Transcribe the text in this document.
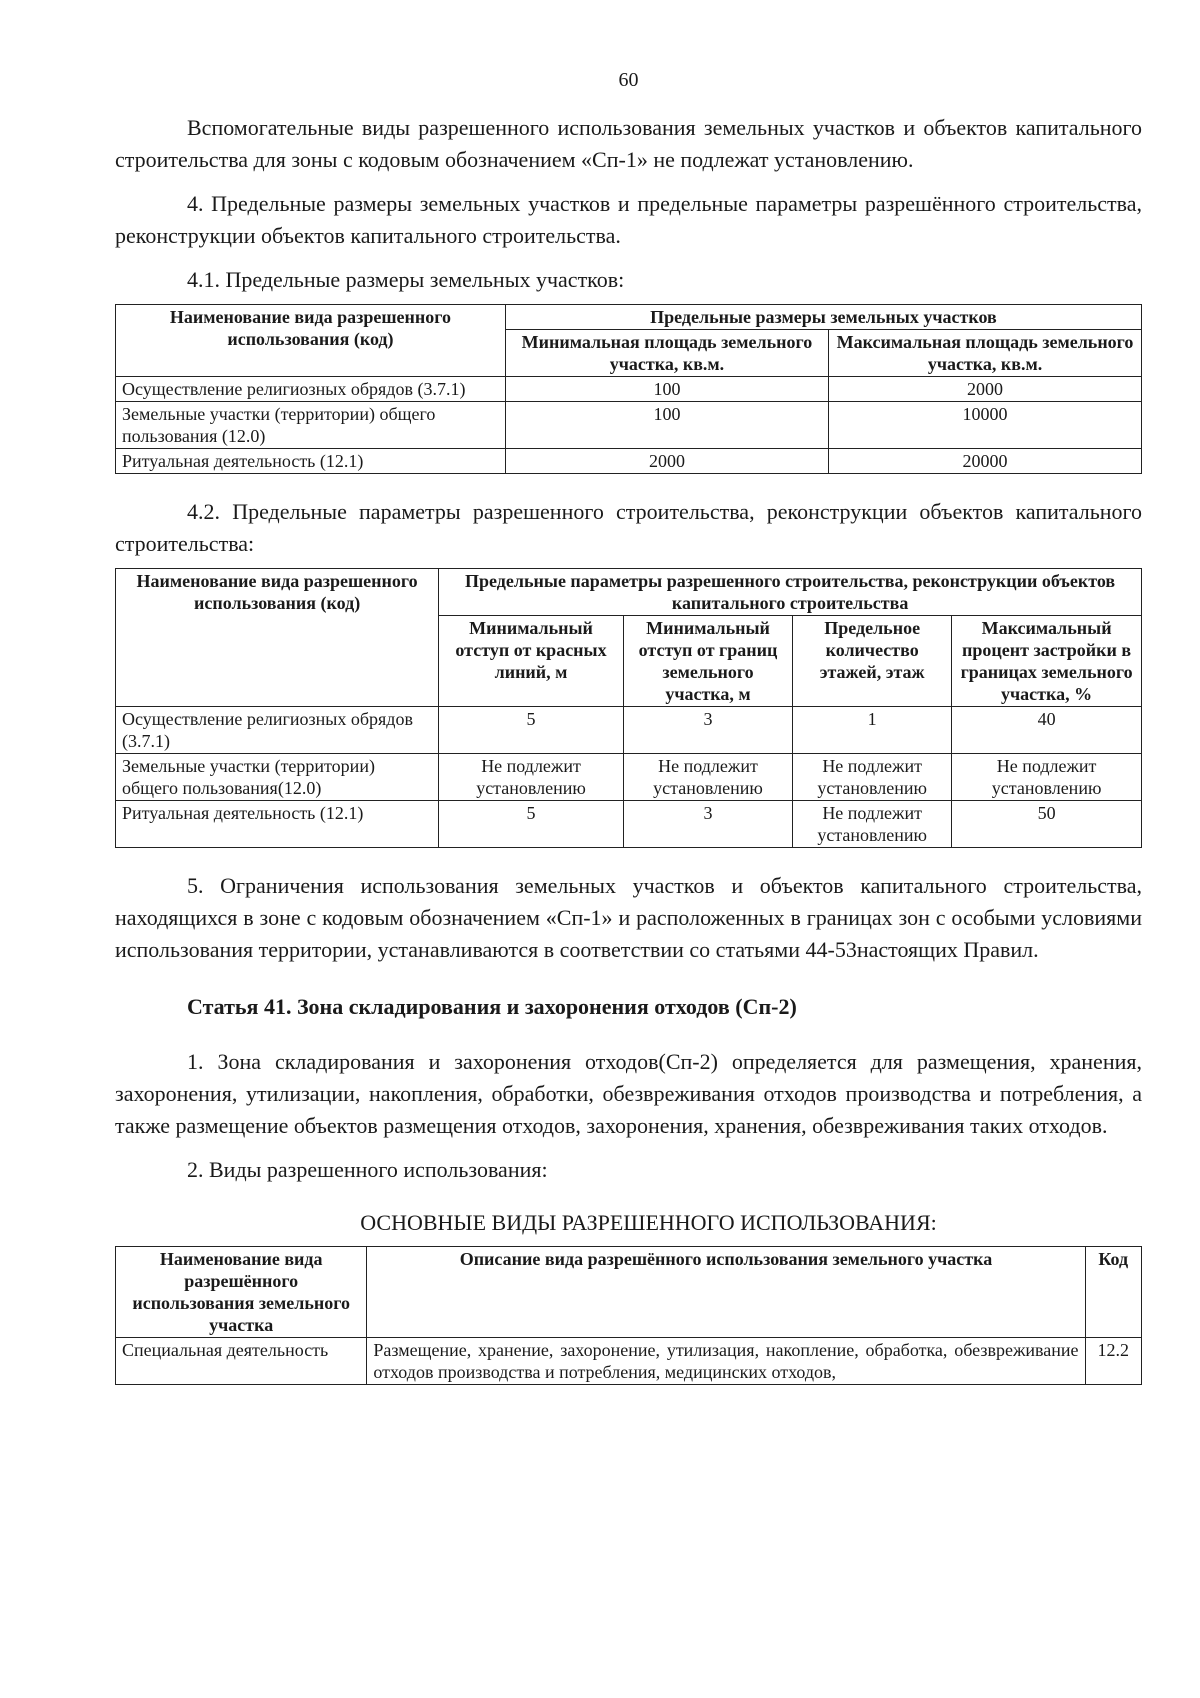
60

Вспомогательные виды разрешенного использования земельных участков и объектов капитального строительства для зоны с кодовым обозначением «Сп-1» не подлежат установлению.

4. Предельные размеры земельных участков и предельные параметры разрешённого строительства, реконструкции объектов капитального строительства.

4.1. Предельные размеры земельных участков:

Наименование вида разрешенного использования (код)	Предельные размеры земельных участков	
	Минимальная площадь земельного участка, кв.м.	Максимальная площадь земельного участка, кв.м.
Осуществление религиозных обрядов (3.7.1)	100	2000
Земельные участки (территории) общего пользования (12.0)	100	10000
Ритуальная деятельность (12.1)	2000	20000

4.2. Предельные параметры разрешенного строительства, реконструкции объектов капитального строительства:

Наименование вида разрешенного использования (код)	Предельные параметры разрешенного строительства, реконструкции объектов капитального строительства			
	Минимальный отступ от красных линий, м	Минимальный отступ от границ земельного участка, м	Предельное количество этажей, этаж	Максимальный процент застройки в границах земельного участка, %
Осуществление религиозных обрядов (3.7.1)	5	3	1	40
Земельные участки (территории) общего пользования(12.0)	Не подлежит установлению	Не подлежит установлению	Не подлежит установлению	Не подлежит установлению
Ритуальная деятельность (12.1)	5	3	Не подлежит установлению	50

5. Ограничения использования земельных участков и объектов капитального строительства, находящихся в зоне с кодовым обозначением «Сп-1» и расположенных в границах зон с особыми условиями использования территории, устанавливаются в соответствии со статьями 44-53настоящих Правил.

Статья 41. Зона складирования и захоронения отходов (Сп-2)

1. Зона складирования и захоронения отходов(Сп-2) определяется для размещения, хранения, захоронения, утилизации, накопления, обработки, обезвреживания отходов производства и потребления, а также размещение объектов размещения отходов, захоронения, хранения, обезвреживания таких отходов.

2. Виды разрешенного использования:

ОСНОВНЫЕ ВИДЫ РАЗРЕШЕННОГО ИСПОЛЬЗОВАНИЯ:

Наименование вида разрешённого использования земельного участка	Описание вида разрешённого использования земельного участка	Код
Специальная деятельность	Размещение, хранение, захоронение, утилизация, накопление, обработка, обезвреживание отходов производства и потребления, медицинских отходов,	12.2
